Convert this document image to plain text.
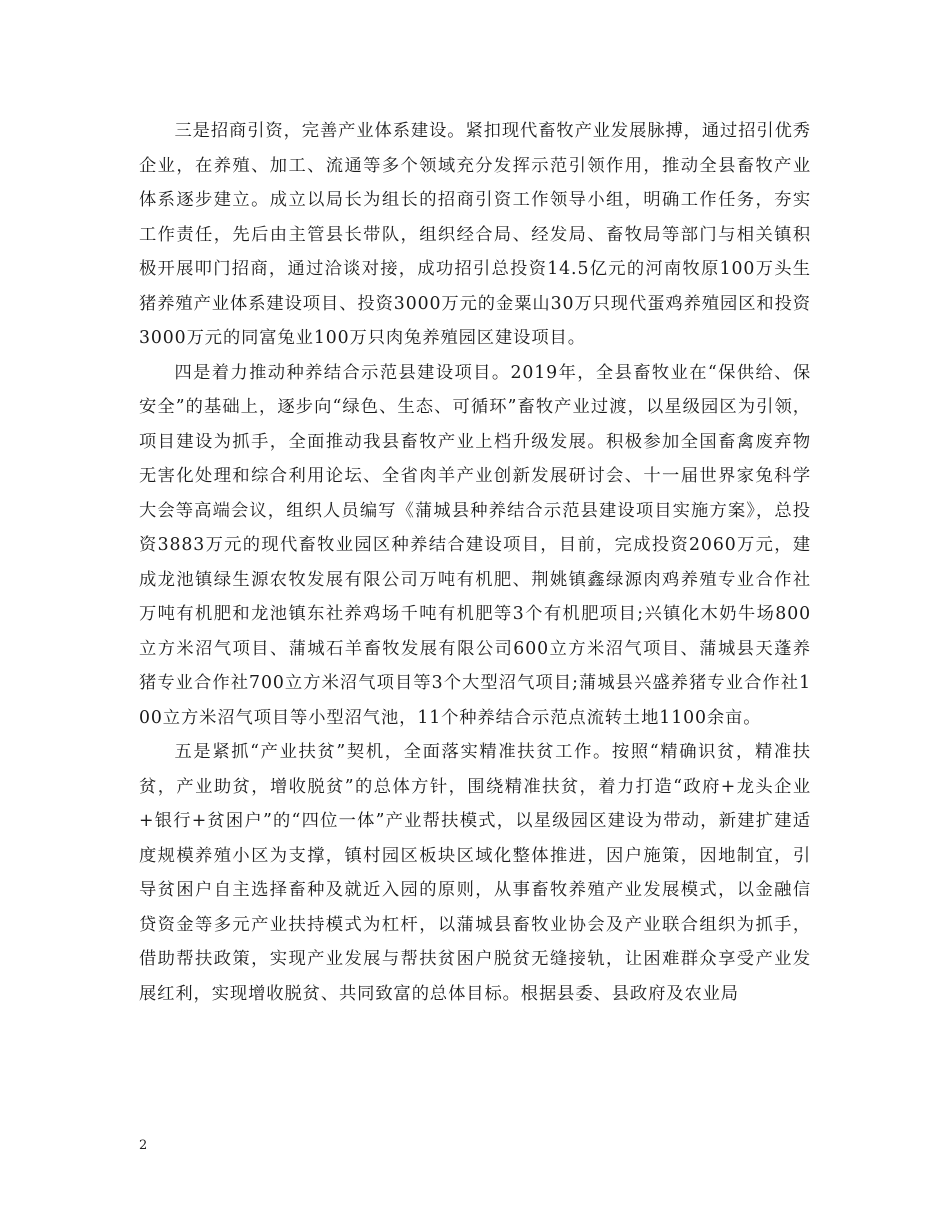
三是招商引资，完善产业体系建设。紧扣现代畜牧产业发展脉搏，通过招引优秀企业，在养殖、加工、流通等多个领域充分发挥示范引领作用，推动全县畜牧产业体系逐步建立。成立以局长为组长的招商引资工作领导小组，明确工作任务，夯实工作责任，先后由主管县长带队，组织经合局、经发局、畜牧局等部门与相关镇积极开展叩门招商，通过洽谈对接，成功招引总投资14.5亿元的河南牧原100万头生猪养殖产业体系建设项目、投资3000万元的金粟山30万只现代蛋鸡养殖园区和投资3000万元的同富兔业100万只肉兔养殖园区建设项目。

四是着力推动种养结合示范县建设项目。2019年，全县畜牧业在“保供给、保安全”的基础上，逐步向“绿色、生态、可循环”畜牧产业过渡，以星级园区为引领，项目建设为抓手，全面推动我县畜牧产业上档升级发展。积极参加全国畜禽废弃物无害化处理和综合利用论坛、全省肉羊产业创新发展研讨会、十一届世界家兔科学大会等高端会议，组织人员编写《蒲城县种养结合示范县建设项目实施方案》，总投资3883万元的现代畜牧业园区种养结合建设项目，目前，完成投资2060万元，建成龙池镇绿生源农牧发展有限公司万吨有机肥、荆姚镇鑫绿源肉鸡养殖专业合作社万吨有机肥和龙池镇东社养鸡场千吨有机肥等3个有机肥项目;兴镇化木奶牛场800立方米沼气项目、蒲城石羊畜牧发展有限公司600立方米沼气项目、蒲城县天蓬养猪专业合作社700立方米沼气项目等3个大型沼气项目;蒲城县兴盛养猪专业合作社100立方米沼气项目等小型沼气池，11个种养结合示范点流转土地1100余亩。

五是紧抓“产业扶贫”契机，全面落实精准扶贫工作。按照“精确识贫，精准扶贫，产业助贫，增收脱贫”的总体方针，围绕精准扶贫，着力打造“政府+龙头企业+银行+贫困户”的“四位一体”产业帮扶模式，以星级园区建设为带动，新建扩建适度规模养殖小区为支撑，镇村园区板块区域化整体推进，因户施策，因地制宜，引导贫困户自主选择畜种及就近入园的原则，从事畜牧养殖产业发展模式，以金融信贷资金等多元产业扶持模式为杠杆，以蒲城县畜牧业协会及产业联合组织为抓手，借助帮扶政策，实现产业发展与帮扶贫困户脱贫无缝接轨，让困难群众享受产业发展红利，实现增收脱贫、共同致富的总体目标。根据县委、县政府及农业局

2
